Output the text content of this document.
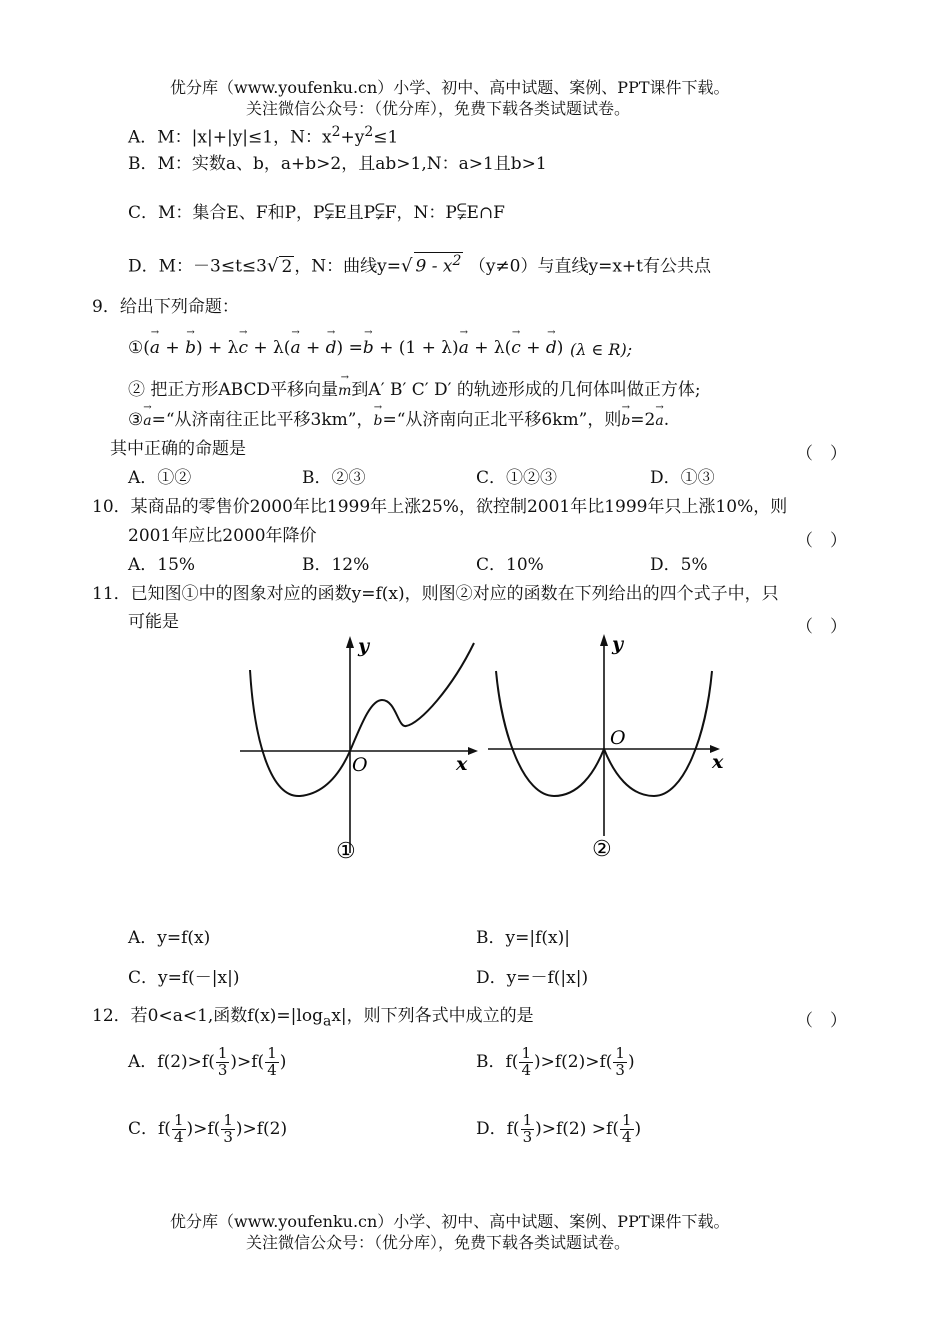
优分库（www.youfenku.cn）小学、初中、高中试题、案例、PPT课件下载。
关注微信公众号：（优分库），免费下载各类试题试卷。
A．M：|x|+|y|≤1，N：$x^2+y^2\le 1$
B．M：实数a、b，a+b>2，且ab>1,N：a>1且b>1
C．M：集合E、F和P，P⫋E且P⫋F，N：P⫋E∩F
D．M：－3≤t≤3√ 2 ，N：曲线y=√ $9 - x^2$ （y≠0）与直线y=x+t有公共点
9．给出下列命题：
①(→ a + → b) + λ→ c + λ(→ a + → d) =→ b + (1 + λ)→ a + λ(→ c + → d) (λ ∈ R);
② 把正方形ABCD平移向量→ m到A′ B′ C′ D′ 的轨迹形成的几何体叫做正方体;
③→ a=“从济南往正比平移3km”，→ b=“从济南向正北平移6km”，则→ b=2→ a.
其中正确的命题是	（　）
A．①②	B．②③	C．①②③	D．①③
10．某商品的零售价2000年比1999年上涨25%，欲控制2001年比1999年只上涨10%，则
2001年应比2000年降价	（　）
A．15%	B．12%	C．10%	D．5%
11．已知图①中的图象对应的函数y=f(x)，则图②对应的函数在下列给出的四个式子中，只
可能是	（　）
y
x
O
①
y
x
O
②
A．y=f(x)	B．y=|f(x)|
C．y=f(－|x|)	D．y=－f(|x|)
12．若0<a<1,函数$f(x)=|\log_ax|$，则下列各式中成立的是	（　）
A．$f(2)>f( \frac{1}{3} )>f( \frac{1}{4}$ )	B．$f( \frac{1}{4} )>f(2)>f( \frac{1}{3}$ )
C．$f( \frac{1}{4} )>f( \frac{1}{3} )>f(2)$	D．$f( \frac{1}{3} )>f(2) >f( \frac{1}{4}$ )
优分库（www.youfenku.cn）小学、初中、高中试题、案例、PPT课件下载。
关注微信公众号：（优分库），免费下载各类试题试卷。
